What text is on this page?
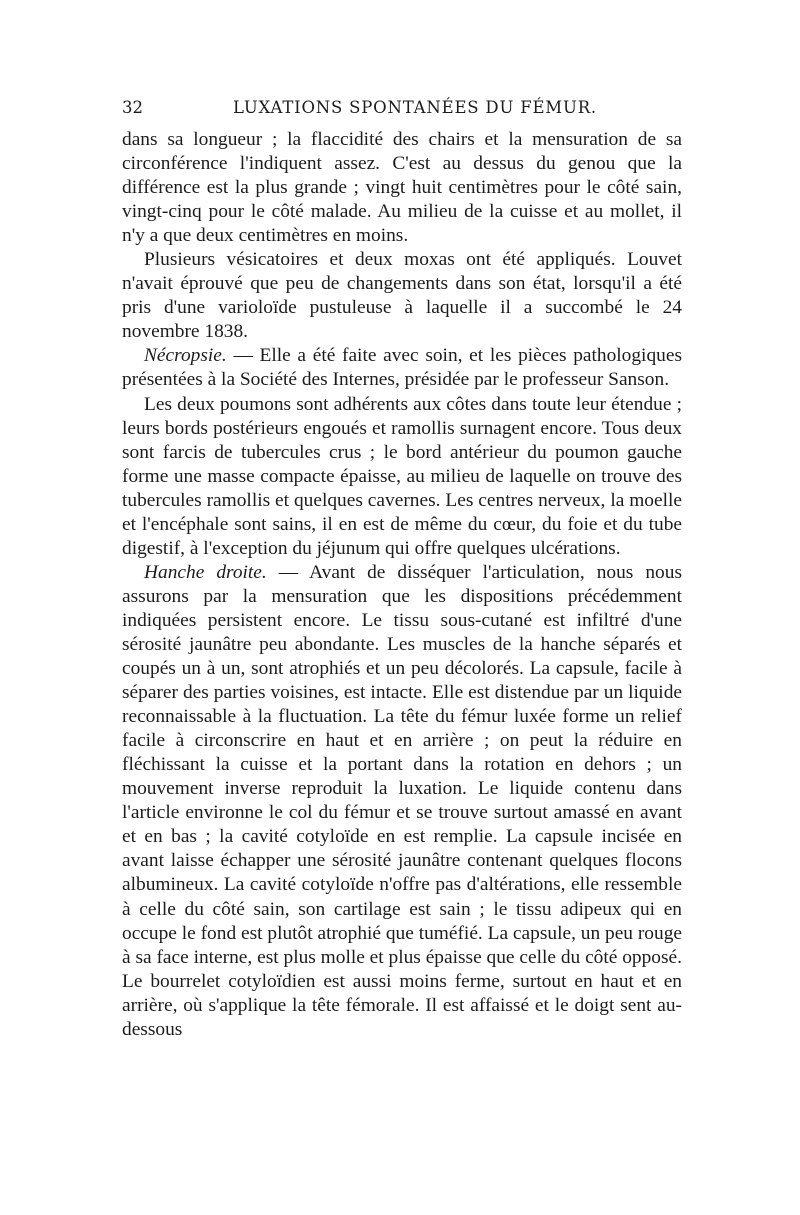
32	LUXATIONS SPONTANÉES DU FÉMUR.

dans sa longueur ; la flaccidité des chairs et la mensuration de sa circonférence l'indiquent assez. C'est au dessus du genou que la différence est la plus grande ; vingt huit centimètres pour le côté sain, vingt-cinq pour le côté malade. Au milieu de la cuisse et au mollet, il n'y a que deux centimètres en moins.

Plusieurs vésicatoires et deux moxas ont été appliqués. Louvet n'avait éprouvé que peu de changements dans son état, lorsqu'il a été pris d'une varioloïde pustuleuse à laquelle il a succombé le 24 novembre 1838.

Nécropsie. — Elle a été faite avec soin, et les pièces pathologiques présentées à la Société des Internes, présidée par le professeur Sanson.

Les deux poumons sont adhérents aux côtes dans toute leur étendue ; leurs bords postérieurs engoués et ramollis surnagent encore. Tous deux sont farcis de tubercules crus ; le bord antérieur du poumon gauche forme une masse compacte épaisse, au milieu de laquelle on trouve des tubercules ramollis et quelques cavernes. Les centres nerveux, la moelle et l'encéphale sont sains, il en est de même du cœur, du foie et du tube digestif, à l'exception du jéjunum qui offre quelques ulcérations.

Hanche droite. — Avant de disséquer l'articulation, nous nous assurons par la mensuration que les dispositions précédemment indiquées persistent encore. Le tissu sous-cutané est infiltré d'une sérosité jaunâtre peu abondante. Les muscles de la hanche séparés et coupés un à un, sont atrophiés et un peu décolorés. La capsule, facile à séparer des parties voisines, est intacte. Elle est distendue par un liquide reconnaissable à la fluctuation. La tête du fémur luxée forme un relief facile à circonscrire en haut et en arrière ; on peut la réduire en fléchissant la cuisse et la portant dans la rotation en dehors ; un mouvement inverse reproduit la luxation. Le liquide contenu dans l'article environne le col du fémur et se trouve surtout amassé en avant et en bas ; la cavité cotyloïde en est remplie. La capsule incisée en avant laisse échapper une sérosité jaunâtre contenant quelques flocons albumineux. La cavité cotyloïde n'offre pas d'altérations, elle ressemble à celle du côté sain, son cartilage est sain ; le tissu adipeux qui en occupe le fond est plutôt atrophié que tuméfié. La capsule, un peu rouge à sa face interne, est plus molle et plus épaisse que celle du côté opposé. Le bourrelet cotyloïdien est aussi moins ferme, surtout en haut et en arrière, où s'applique la tête fémorale. Il est affaissé et le doigt sent au-dessous
